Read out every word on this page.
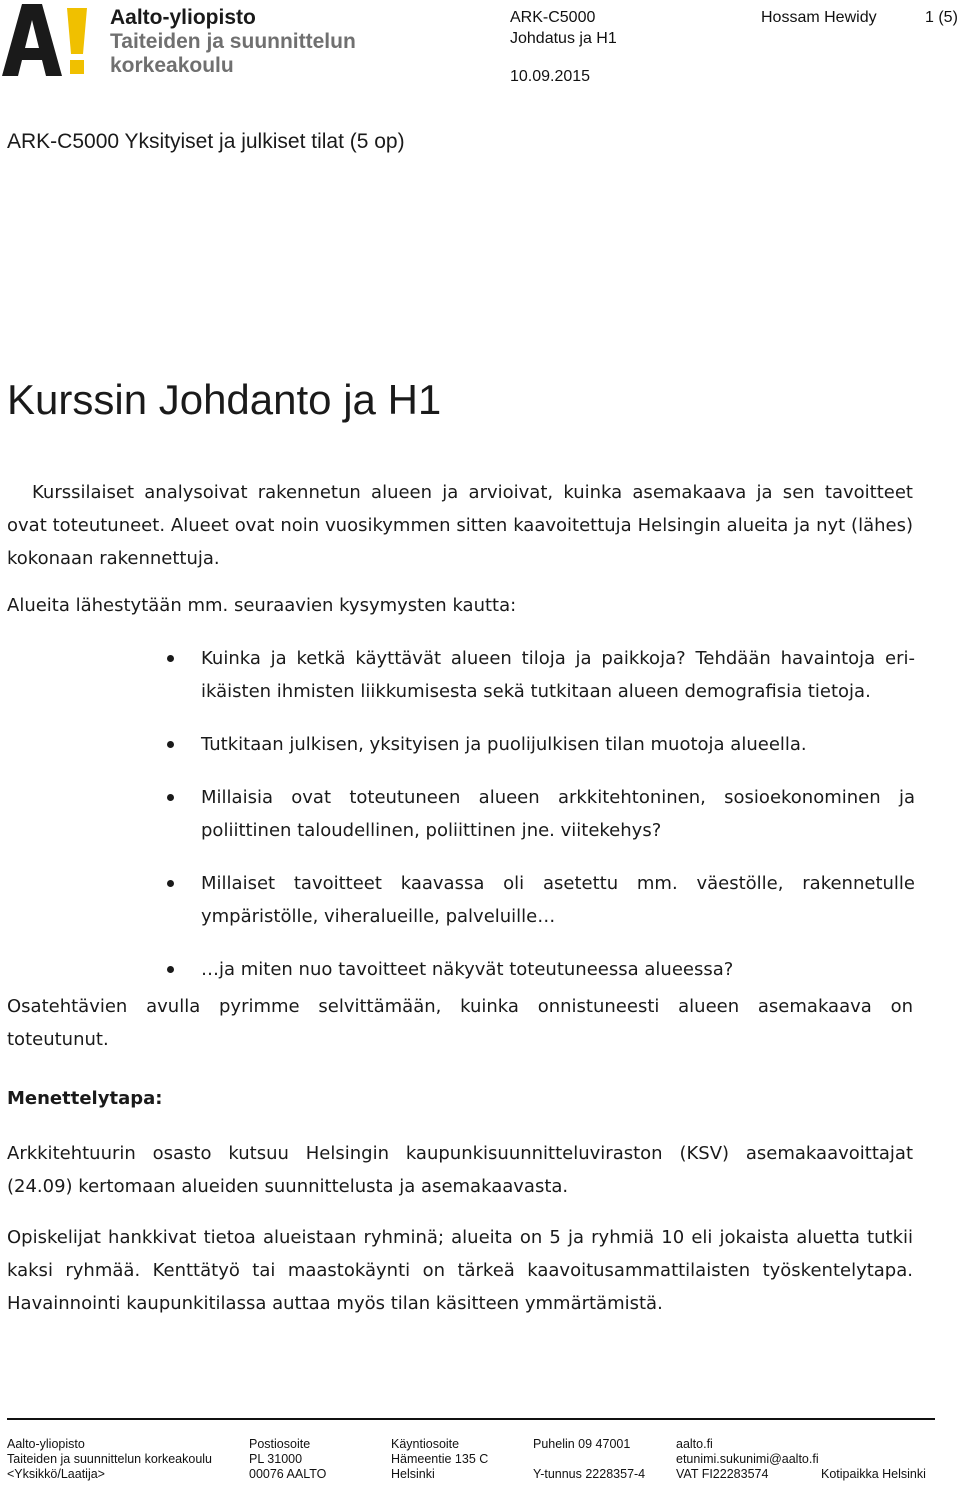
Aalto-yliopisto
Taiteiden ja suunnittelun
korkeakoulu
ARK-C5000
Johdatus ja H1
10.09.2015
Hossam Hewidy	1 (5)
ARK-C5000 Yksityiset ja julkiset tilat (5 op)
Kurssin Johdanto ja H1
Kurssilaiset analysoivat rakennetun alueen ja arvioivat, kuinka asemakaava ja sen tavoitteet ovat toteutuneet. Alueet ovat noin vuosikymmen sitten kaavoitettuja Helsingin alueita ja nyt (lähes) kokonaan rakennettuja.
Alueita lähestytään mm. seuraavien kysymysten kautta:
Kuinka ja ketkä käyttävät alueen tiloja ja paikkoja? Tehdään havaintoja eri-ikäisten ihmisten liikkumisesta sekä tutkitaan alueen demografisia tietoja.
Tutkitaan julkisen, yksityisen ja puolijulkisen tilan muotoja alueella.
Millaisia ovat toteutuneen alueen arkkitehtoninen, sosioekonominen ja poliittinen taloudellinen, poliittinen jne. viitekehys?
Millaiset tavoitteet kaavassa oli asetettu mm. väestölle, rakennetulle ympäristölle, viheralueille, palveluille…
…ja miten nuo tavoitteet näkyvät toteutuneessa alueessa?
Osatehtävien avulla pyrimme selvittämään, kuinka onnistuneesti alueen asemakaava on toteutunut.
Menettelytapa:
Arkkitehtuurin osasto kutsuu Helsingin kaupunkisuunnitteluviraston (KSV) asemakaavoittajat (24.09) kertomaan alueiden suunnittelusta ja asemakaavasta.
Opiskelijat hankkivat tietoa alueistaan ryhminä; alueita on 5 ja ryhmiä 10 eli jokaista aluetta tutkii kaksi ryhmää. Kenttätyö tai maastokäynti on tärkeä kaavoitusammattilaisten työskentelytapa. Havainnointi kaupunkitilassa auttaa myös tilan käsitteen ymmärtämistä.
Aalto-yliopisto
Taiteiden ja suunnittelun korkeakoulu
<Yksikkö/Laatija>
Postiosoite
PL 31000
00076 AALTO
Käyntiosoite
Hämeentie 135 C
Helsinki
Puhelin 09 47001
Y-tunnus 2228357-4
aalto.fi
etunimi.sukunimi@aalto.fi
VAT FI22283574	Kotipaikka Helsinki
